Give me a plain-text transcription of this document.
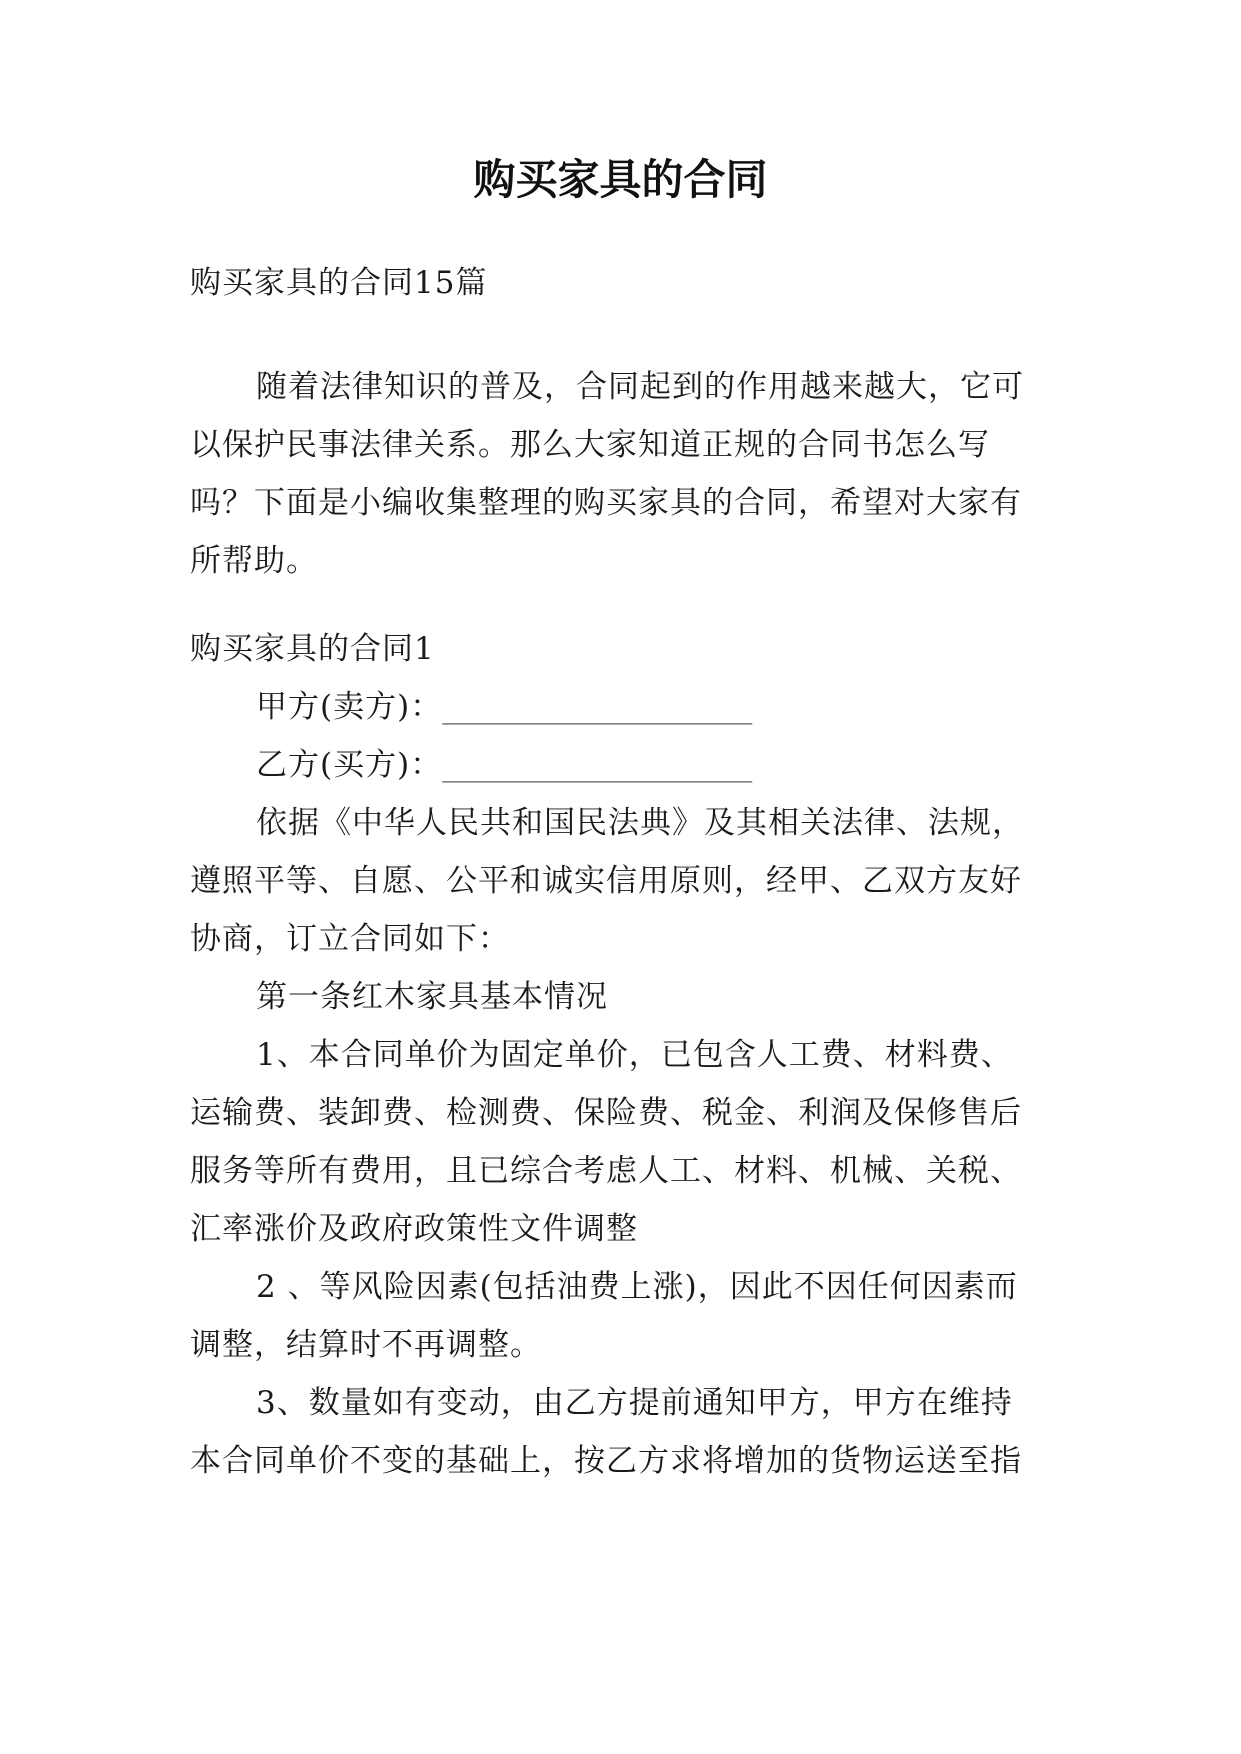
购买家具的合同

购买家具的合同15篇

随着法律知识的普及，合同起到的作用越来越大，它可
以保护民事法律关系。那么大家知道正规的合同书怎么写
吗？下面是小编收集整理的购买家具的合同，希望对大家有
所帮助。

购买家具的合同1
甲方(卖方)：____________________
乙方(买方)：____________________
依据《中华人民共和国民法典》及其相关法律、法规，
遵照平等、自愿、公平和诚实信用原则，经甲、乙双方友好
协商，订立合同如下：
第一条红木家具基本情况
1、本合同单价为固定单价，已包含人工费、材料费、
运输费、装卸费、检测费、保险费、税金、利润及保修售后
服务等所有费用，且已综合考虑人工、材料、机械、关税、
汇率涨价及政府政策性文件调整
2 、等风险因素(包括油费上涨)，因此不因任何因素而
调整，结算时不再调整。
3、数量如有变动，由乙方提前通知甲方，甲方在维持
本合同单价不变的基础上，按乙方求将增加的货物运送至指
